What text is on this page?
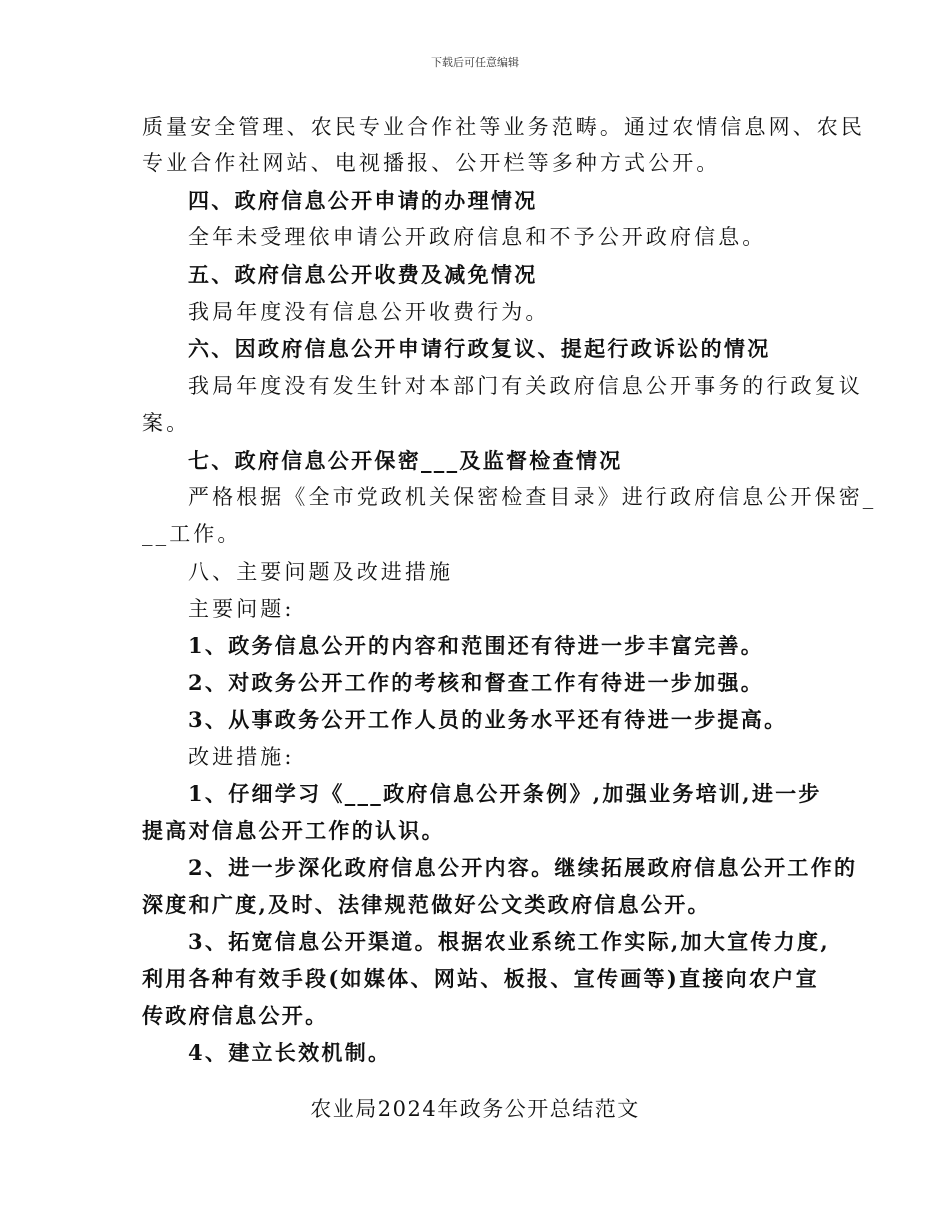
下载后可任意编辑
质量安全管理、农民专业合作社等业务范畴。通过农情信息网、农民
专业合作社网站、电视播报、公开栏等多种方式公开。
四、政府信息公开申请的办理情况
全年未受理依申请公开政府信息和不予公开政府信息。
五、政府信息公开收费及减免情况
我局年度没有信息公开收费行为。
六、因政府信息公开申请行政复议、提起行政诉讼的情况
我局年度没有发生针对本部门有关政府信息公开事务的行政复议
案。
七、政府信息公开保密___及监督检查情况
严格根据《全市党政机关保密检查目录》进行政府信息公开保密_
__工作。
八、主要问题及改进措施
主要问题:
1、政务信息公开的内容和范围还有待进一步丰富完善。
2、对政务公开工作的考核和督查工作有待进一步加强。
3、从事政务公开工作人员的业务水平还有待进一步提高。
改进措施:
1、仔细学习《___政府信息公开条例》,加强业务培训,进一步
提高对信息公开工作的认识。
2、进一步深化政府信息公开内容。继续拓展政府信息公开工作的
深度和广度,及时、法律规范做好公文类政府信息公开。
3、拓宽信息公开渠道。根据农业系统工作实际,加大宣传力度,
利用各种有效手段(如媒体、网站、板报、宣传画等)直接向农户宣
传政府信息公开。
4、建立长效机制。
农业局2024年政务公开总结范文
